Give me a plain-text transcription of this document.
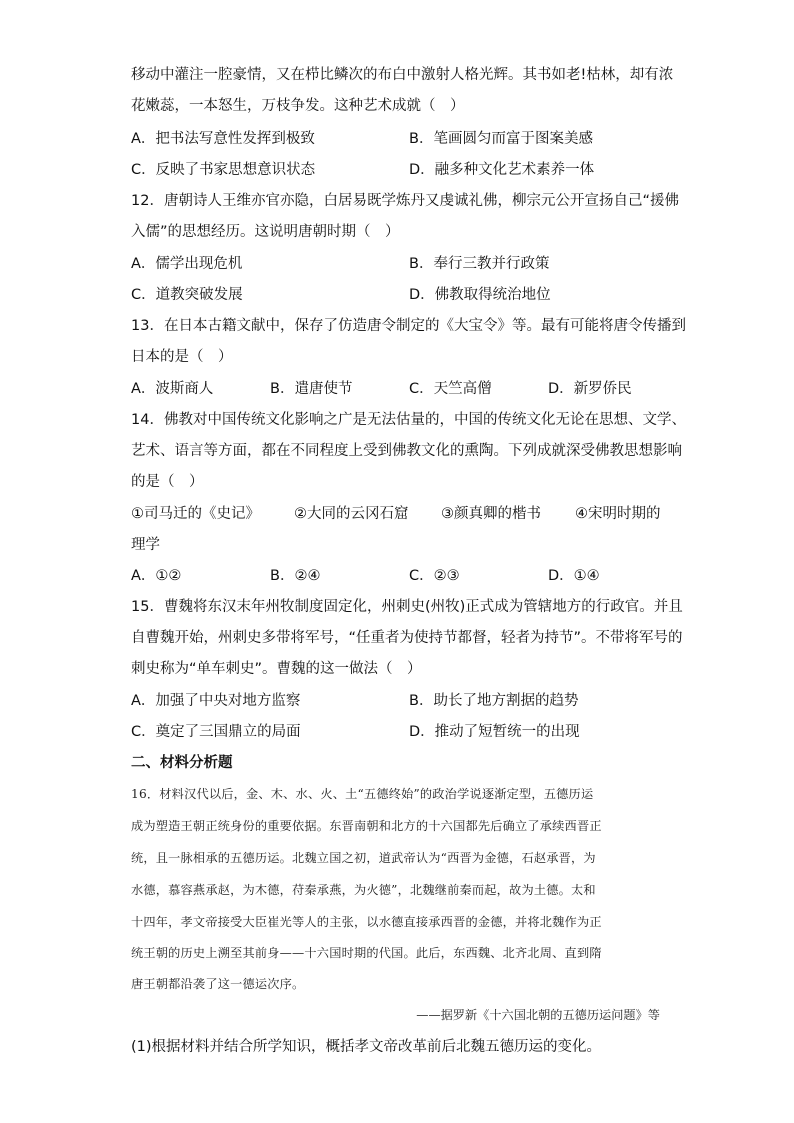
移动中灌注一腔豪情，又在栉比鳞次的布白中激射人格光辉。其书如老!枯林，却有浓
花嫩蕊，一本怒生，万枝争发。这种艺术成就（　）
A．把书法写意性发挥到极致	B．笔画圆匀而富于图案美感
C．反映了书家思想意识状态	D．融多种文化艺术素养一体
12．唐朝诗人王维亦官亦隐，白居易既学炼丹又虔诚礼佛，柳宗元公开宣扬自己“援佛
入儒”的思想经历。这说明唐朝时期（　）
A．儒学出现危机	B．奉行三教并行政策
C．道教突破发展	D．佛教取得统治地位
13．在日本古籍文献中，保存了仿造唐令制定的《大宝令》等。最有可能将唐令传播到
日本的是（　）
A．波斯商人	B．遣唐使节	C．天竺高僧	D．新罗侨民
14．佛教对中国传统文化影响之广是无法估量的，中国的传统文化无论在思想、文学、
艺术、语言等方面，都在不同程度上受到佛教文化的熏陶。下列成就深受佛教思想影响
的是（　）
①司马迁的《史记》 ②大同的云冈石窟 ③颜真卿的楷书 ④宋明时期的
理学
A．①②	B．②④	C．②③	D．①④
15．曹魏将东汉末年州牧制度固定化，州刺史(州牧)正式成为管辖地方的行政官。并且
自曹魏开始，州刺史多带将军号，“任重者为使持节都督，轻者为持节”。不带将军号的
刺史称为“单车刺史”。曹魏的这一做法（　）
A．加强了中央对地方监察	B．助长了地方割据的趋势
C．奠定了三国鼎立的局面	D．推动了短暂统一的出现
二、材料分析题
16．材料汉代以后，金、木、水、火、土“五德终始”的政治学说逐渐定型，五德历运
成为塑造王朝正统身份的重要依据。东晋南朝和北方的十六国都先后确立了承续西晋正
统，且一脉相承的五德历运。北魏立国之初，道武帝认为“西晋为金德，石赵承晋，为
水德，慕容燕承赵，为木德，苻秦承燕，为火德”，北魏继前秦而起，故为土德。太和
十四年，孝文帝接受大臣崔光等人的主张，以水德直接承西晋的金德，并将北魏作为正
统王朝的历史上溯至其前身——十六国时期的代国。此后，东西魏、北齐北周、直到隋
唐王朝都沿袭了这一德运次序。
——据罗新《十六国北朝的五德历运问题》等
(1)根据材料并结合所学知识，概括孝文帝改革前后北魏五德历运的变化。
